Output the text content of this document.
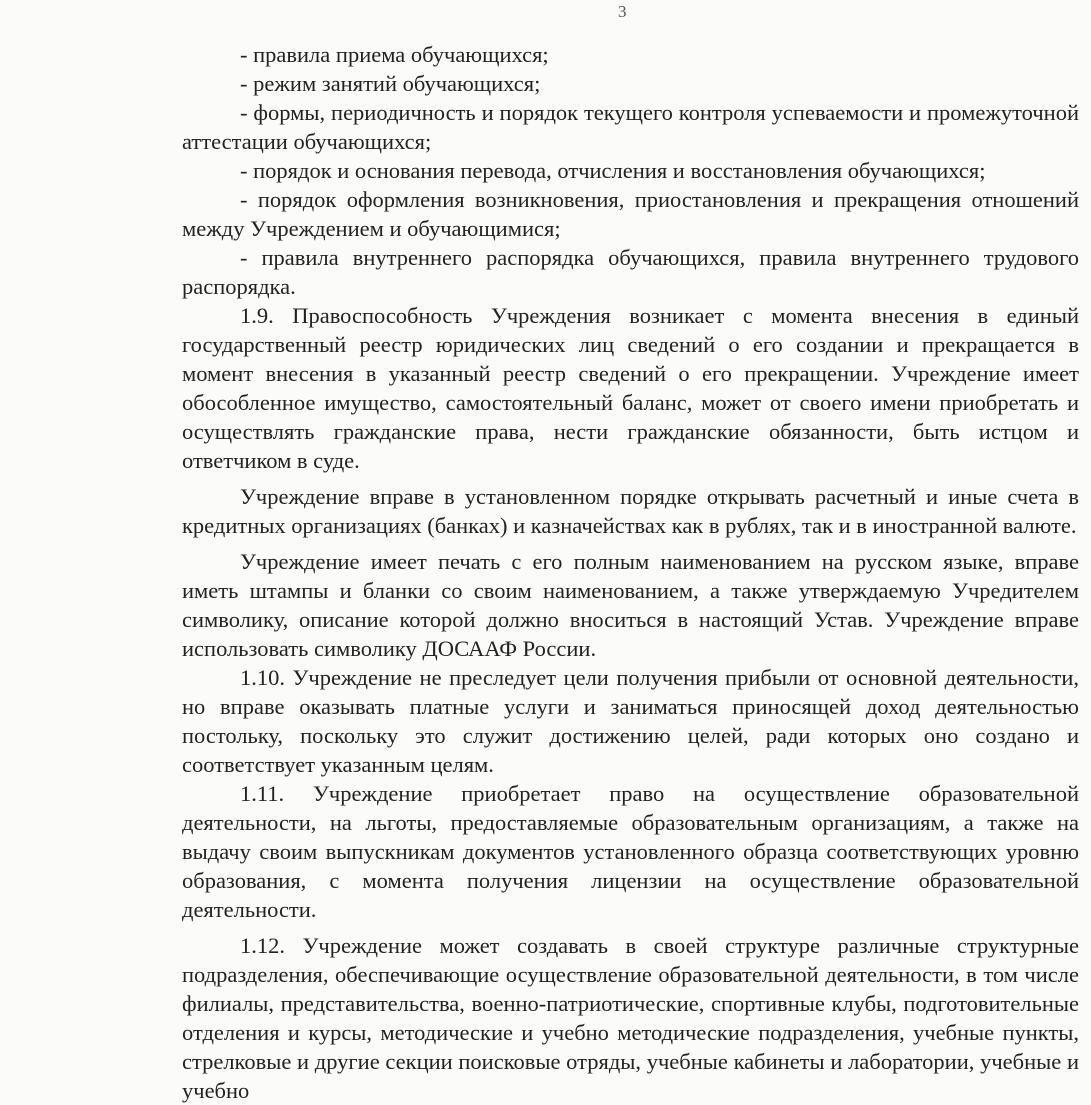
3

- правила приема обучающихся;

- режим занятий обучающихся;

- формы, периодичность и порядок текущего контроля успеваемости и промежуточной аттестации обучающихся;

- порядок и основания перевода, отчисления и восстановления обучающихся;

- порядок оформления возникновения, приостановления и прекращения отношений между Учреждением и обучающимися;

- правила внутреннего распорядка обучающихся, правила внутреннего трудового распорядка.

1.9. Правоспособность Учреждения возникает с момента внесения в единый государственный реестр юридических лиц сведений о его создании и прекращается в момент внесения в указанный реестр сведений о его прекращении. Учреждение имеет обособленное имущество, самостоятельный баланс, может от своего имени приобретать и осуществлять гражданские права, нести гражданские обязанности, быть истцом и ответчиком в суде.

Учреждение вправе в установленном порядке открывать расчетный и иные счета в кредитных организациях (банках) и казначействах как в рублях, так и в иностранной валюте.

Учреждение имеет печать с его полным наименованием на русском языке, вправе иметь штампы и бланки со своим наименованием, а также утверждаемую Учредителем символику, описание которой должно вноситься в настоящий Устав. Учреждение вправе использовать символику ДОСААФ России.

1.10. Учреждение не преследует цели получения прибыли от основной деятельности, но вправе оказывать платные услуги и заниматься приносящей доход деятельностью постольку, поскольку это служит достижению целей, ради которых оно создано и соответствует указанным целям.

1.11. Учреждение приобретает право на осуществление образовательной деятельности, на льготы, предоставляемые образовательным организациям, а также на выдачу своим выпускникам документов установленного образца соответствующих уровню образования, с момента получения лицензии на осуществление образовательной деятельности.

1.12. Учреждение может создавать в своей структуре различные структурные подразделения, обеспечивающие осуществление образовательной деятельности, в том числе филиалы, представительства, военно-патриотические, спортивные клубы, подготовительные отделения и курсы, методические и учебно методические подразделения, учебные пункты, стрелковые и другие секции поисковые отряды, учебные кабинеты и лаборатории, учебные и учебно
